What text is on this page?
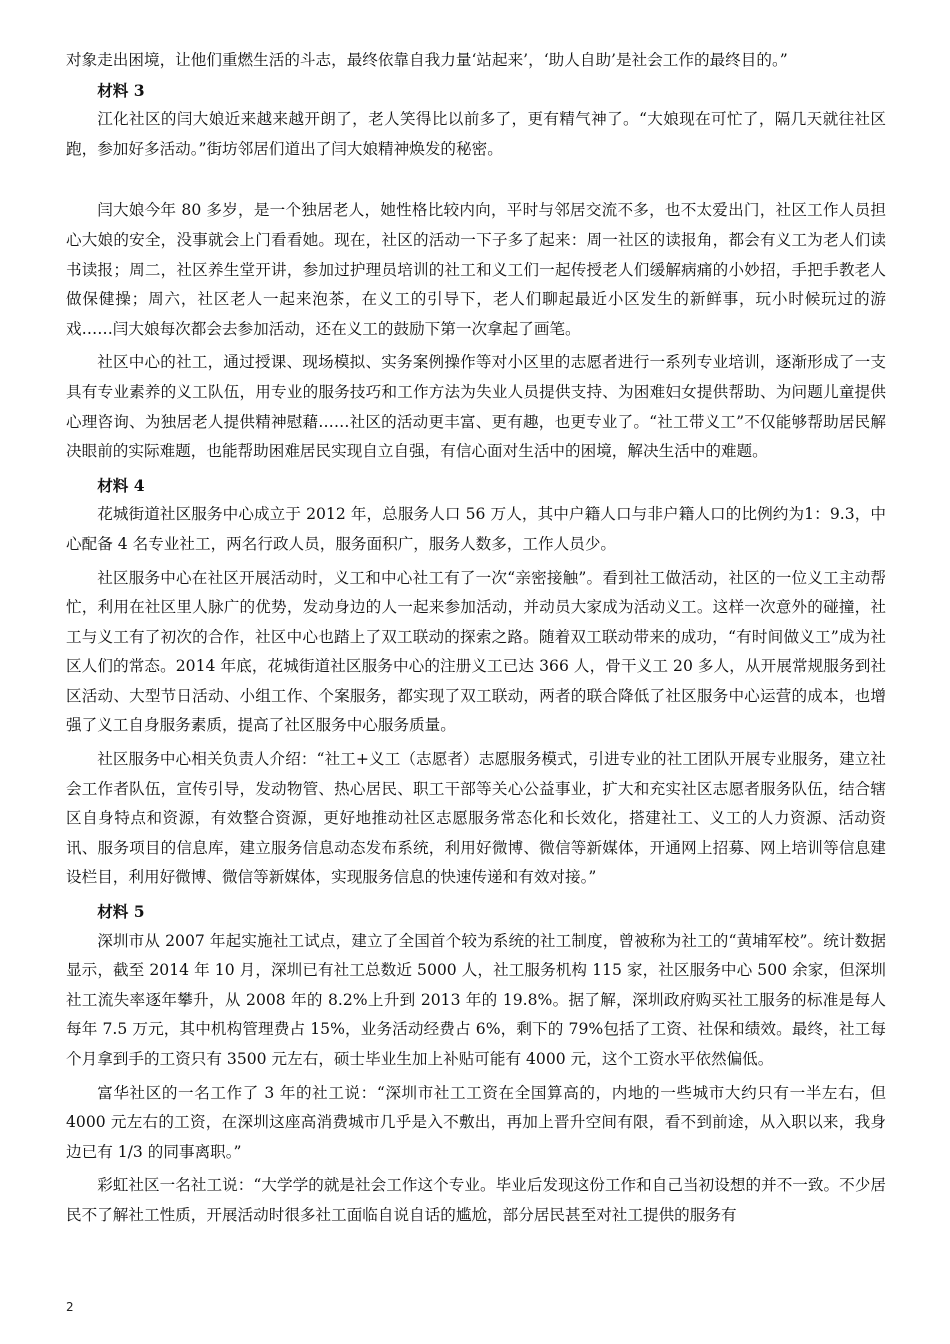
对象走出困境，让他们重燃生活的斗志，最终依靠自我力量‘站起来’，‘助人自助’是社会工作的最终目的。”

材料 3

江化社区的闫大娘近来越来越开朗了，老人笑得比以前多了，更有精气神了。“大娘现在可忙了，隔几天就往社区跑，参加好多活动。”街坊邻居们道出了闫大娘精神焕发的秘密。

闫大娘今年 80 多岁，是一个独居老人，她性格比较内向，平时与邻居交流不多，也不太爱出门，社区工作人员担心大娘的安全，没事就会上门看看她。现在，社区的活动一下子多了起来：周一社区的读报角，都会有义工为老人们读书读报；周二，社区养生堂开讲，参加过护理员培训的社工和义工们一起传授老人们缓解病痛的小妙招，手把手教老人做保健操；周六，社区老人一起来泡茶，在义工的引导下，老人们聊起最近小区发生的新鲜事，玩小时候玩过的游戏……闫大娘每次都会去参加活动，还在义工的鼓励下第一次拿起了画笔。

社区中心的社工，通过授课、现场模拟、实务案例操作等对小区里的志愿者进行一系列专业培训，逐渐形成了一支具有专业素养的义工队伍，用专业的服务技巧和工作方法为失业人员提供支持、为困难妇女提供帮助、为问题儿童提供心理咨询、为独居老人提供精神慰藉……社区的活动更丰富、更有趣，也更专业了。“社工带义工”不仅能够帮助居民解决眼前的实际难题，也能帮助困难居民实现自立自强，有信心面对生活中的困境，解决生活中的难题。

材料 4

花城街道社区服务中心成立于 2012 年，总服务人口 56 万人，其中户籍人口与非户籍人口的比例约为1：9.3，中心配备 4 名专业社工，两名行政人员，服务面积广，服务人数多，工作人员少。

社区服务中心在社区开展活动时，义工和中心社工有了一次“亲密接触”。看到社工做活动，社区的一位义工主动帮忙，利用在社区里人脉广的优势，发动身边的人一起来参加活动，并动员大家成为活动义工。这样一次意外的碰撞，社工与义工有了初次的合作，社区中心也踏上了双工联动的探索之路。随着双工联动带来的成功，“有时间做义工”成为社区人们的常态。2014 年底，花城街道社区服务中心的注册义工已达 366 人，骨干义工 20 多人，从开展常规服务到社区活动、大型节日活动、小组工作、个案服务，都实现了双工联动，两者的联合降低了社区服务中心运营的成本，也增强了义工自身服务素质，提高了社区服务中心服务质量。

社区服务中心相关负责人介绍：“社工+义工（志愿者）志愿服务模式，引进专业的社工团队开展专业服务，建立社会工作者队伍，宣传引导，发动物管、热心居民、职工干部等关心公益事业，扩大和充实社区志愿者服务队伍，结合辖区自身特点和资源，有效整合资源，更好地推动社区志愿服务常态化和长效化，搭建社工、义工的人力资源、活动资讯、服务项目的信息库，建立服务信息动态发布系统，利用好微博、微信等新媒体，开通网上招募、网上培训等信息建设栏目，利用好微博、微信等新媒体，实现服务信息的快速传递和有效对接。”

材料 5

深圳市从 2007 年起实施社工试点，建立了全国首个较为系统的社工制度，曾被称为社工的“黄埔军校”。统计数据显示，截至 2014 年 10 月，深圳已有社工总数近 5000 人，社工服务机构 115 家，社区服务中心 500 余家，但深圳社工流失率逐年攀升，从 2008 年的 8.2%上升到 2013 年的 19.8%。据了解，深圳政府购买社工服务的标准是每人每年 7.5 万元，其中机构管理费占 15%，业务活动经费占 6%，剩下的 79%包括了工资、社保和绩效。最终，社工每个月拿到手的工资只有 3500 元左右，硕士毕业生加上补贴可能有 4000 元，这个工资水平依然偏低。

富华社区的一名工作了 3 年的社工说：“深圳市社工工资在全国算高的，内地的一些城市大约只有一半左右，但 4000 元左右的工资，在深圳这座高消费城市几乎是入不敷出，再加上晋升空间有限，看不到前途，从入职以来，我身边已有 1/3 的同事离职。”

彩虹社区一名社工说：“大学学的就是社会工作这个专业。毕业后发现这份工作和自己当初设想的并不一致。不少居民不了解社工性质，开展活动时很多社工面临自说自话的尴尬，部分居民甚至对社工提供的服务有

2
